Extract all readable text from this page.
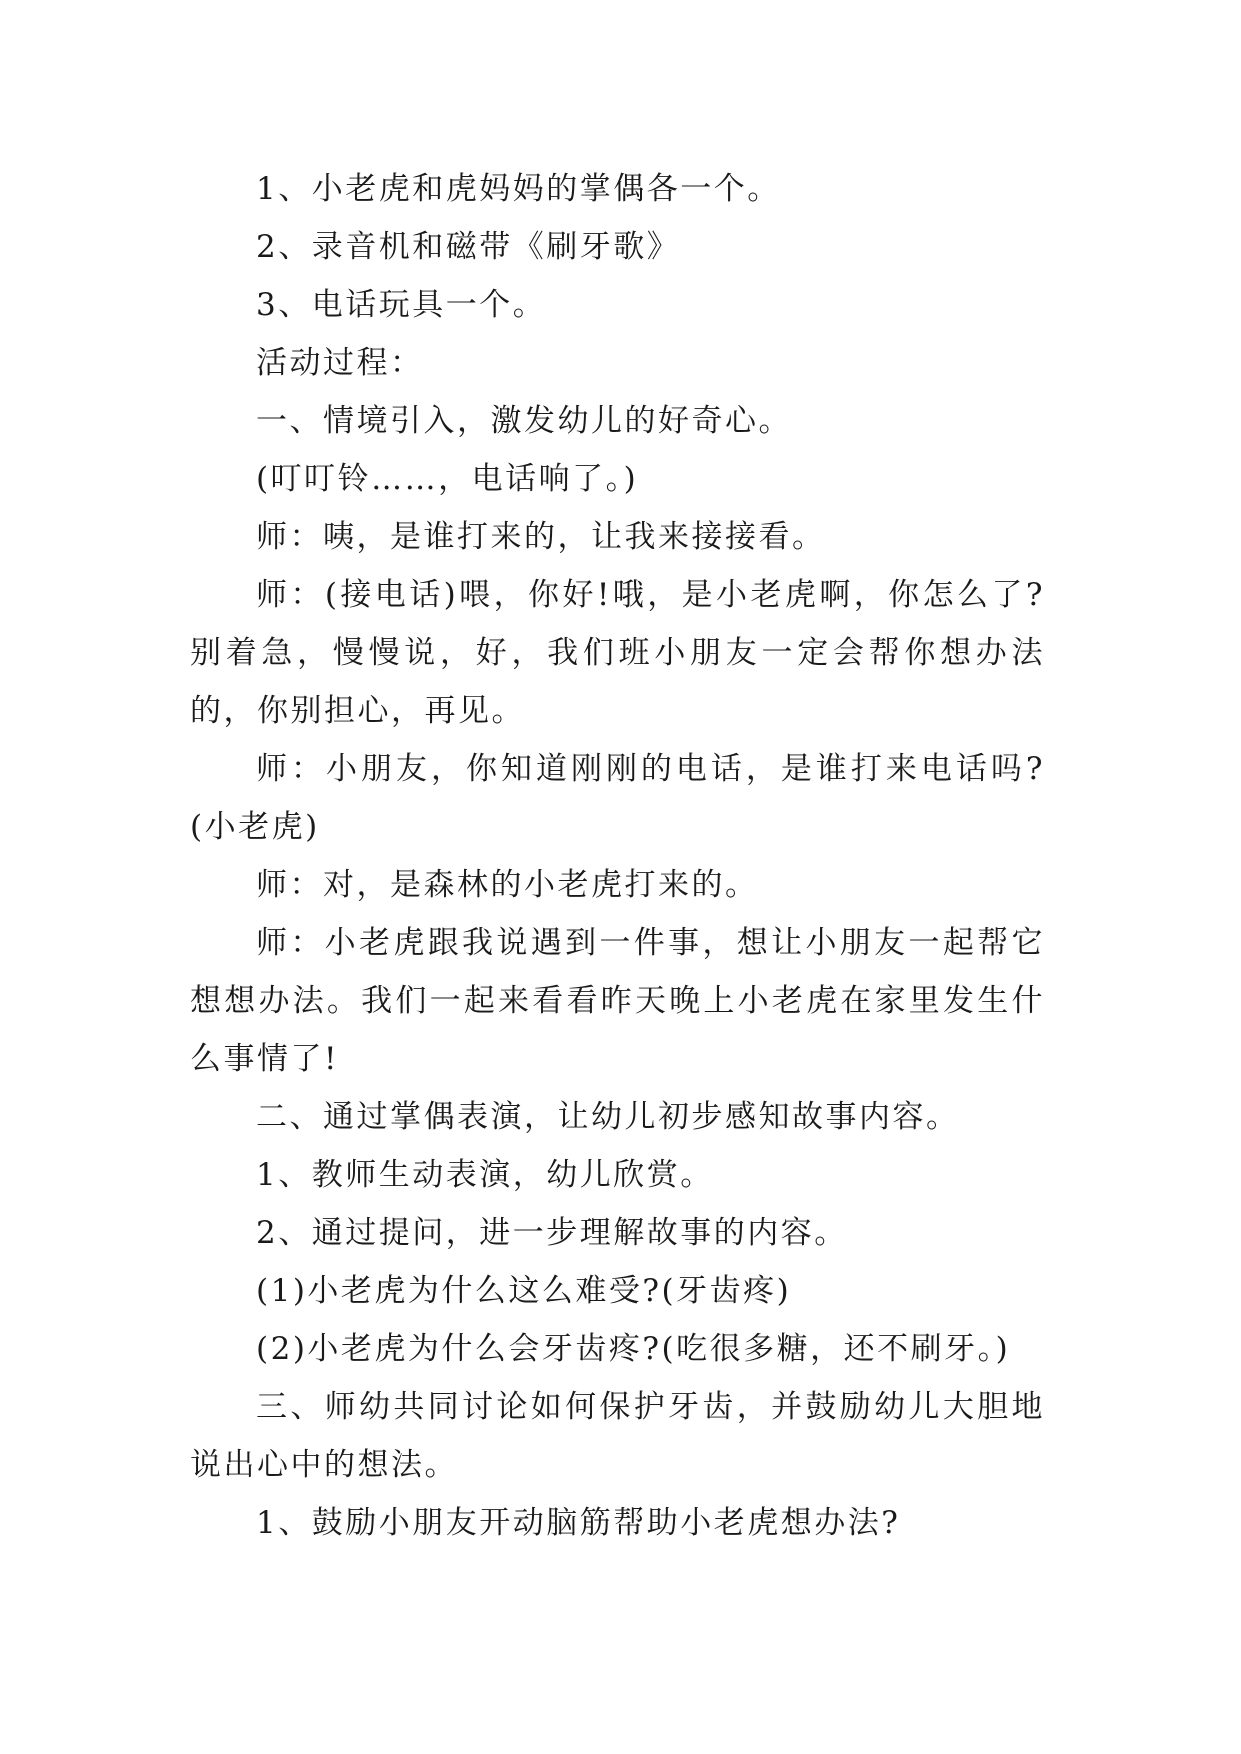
1、小老虎和虎妈妈的掌偶各一个。

2、录音机和磁带《刷牙歌》

3、电话玩具一个。

活动过程：

一、情境引入，激发幼儿的好奇心。

(叮叮铃……，电话响了。)

师：咦，是谁打来的，让我来接接看。

师：(接电话)喂，你好!哦，是小老虎啊，你怎么了?别着急，慢慢说，好，我们班小朋友一定会帮你想办法的，你别担心，再见。

师：小朋友，你知道刚刚的电话，是谁打来电话吗?(小老虎)

师：对，是森林的小老虎打来的。

师：小老虎跟我说遇到一件事，想让小朋友一起帮它想想办法。我们一起来看看昨天晚上小老虎在家里发生什么事情了!

二、通过掌偶表演，让幼儿初步感知故事内容。

1、教师生动表演，幼儿欣赏。

2、通过提问，进一步理解故事的内容。

(1)小老虎为什么这么难受?(牙齿疼)

(2)小老虎为什么会牙齿疼?(吃很多糖，还不刷牙。)

三、师幼共同讨论如何保护牙齿，并鼓励幼儿大胆地说出心中的想法。

1、鼓励小朋友开动脑筋帮助小老虎想办法?
